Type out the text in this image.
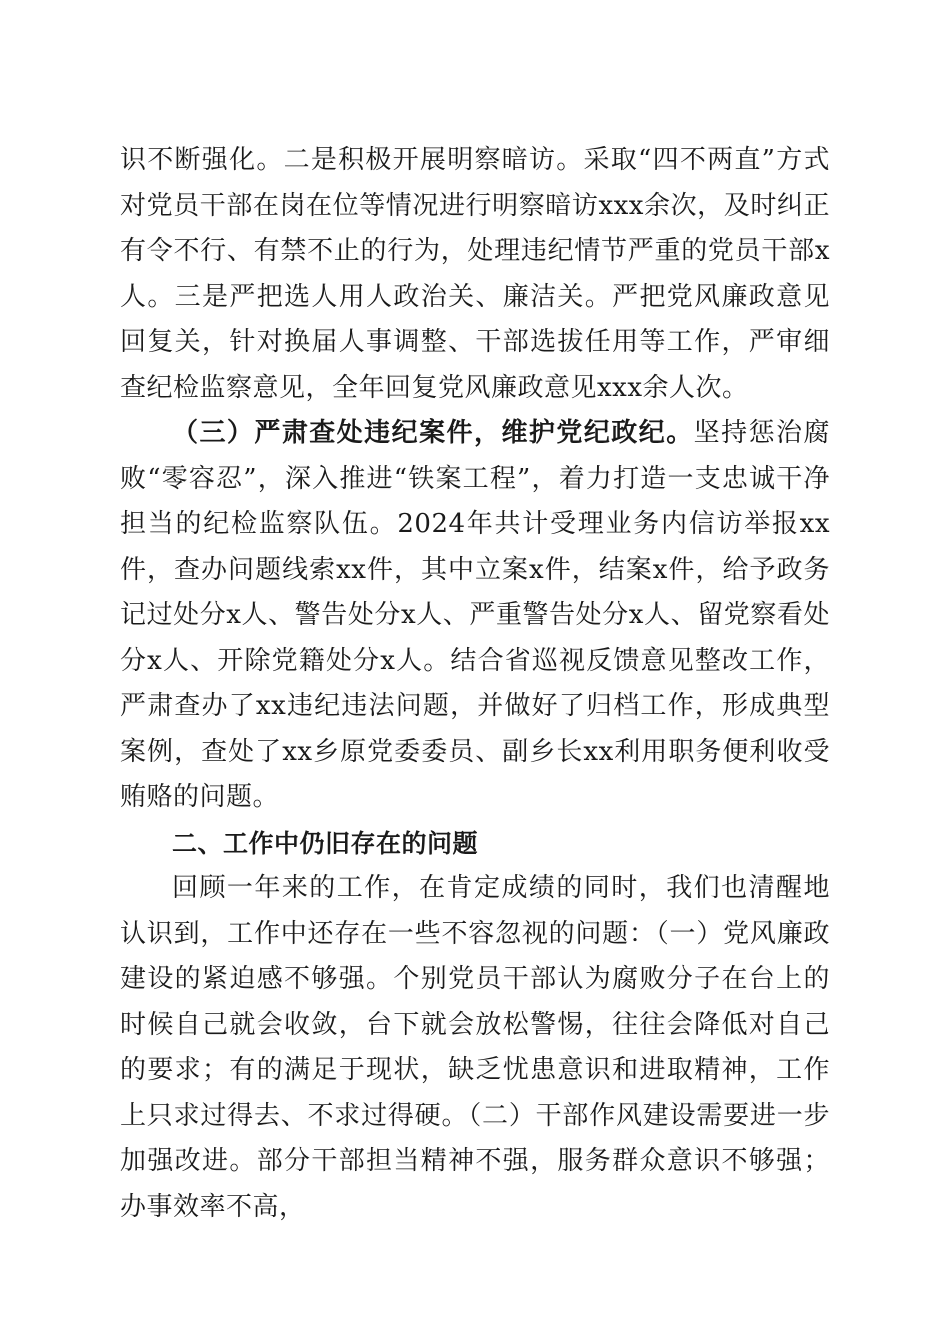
识不断强化。二是积极开展明察暗访。采取“四不两直”方式对党员干部在岗在位等情况进行明察暗访xxx余次，及时纠正有令不行、有禁不止的行为，处理违纪情节严重的党员干部x人。三是严把选人用人政治关、廉洁关。严把党风廉政意见回复关，针对换届人事调整、干部选拔任用等工作，严审细查纪检监察意见，全年回复党风廉政意见xxx余人次。

（三）严肃查处违纪案件，维护党纪政纪。坚持惩治腐败“零容忍”，深入推进“铁案工程”，着力打造一支忠诚干净担当的纪检监察队伍。2024年共计受理业务内信访举报xx件，查办问题线索xx件，其中立案x件，结案x件，给予政务记过处分x人、警告处分x人、严重警告处分x人、留党察看处分x人、开除党籍处分x人。结合省巡视反馈意见整改工作，严肃查办了xx违纪违法问题，并做好了归档工作，形成典型案例，查处了xx乡原党委委员、副乡长xx利用职务便利收受贿赂的问题。

二、工作中仍旧存在的问题

回顾一年来的工作，在肯定成绩的同时，我们也清醒地认识到，工作中还存在一些不容忽视的问题：（一）党风廉政建设的紧迫感不够强。个别党员干部认为腐败分子在台上的时候自己就会收敛，台下就会放松警惕，往往会降低对自己的要求；有的满足于现状，缺乏忧患意识和进取精神，工作上只求过得去、不求过得硬。（二）干部作风建设需要进一步加强改进。部分干部担当精神不强，服务群众意识不够强；办事效率不高，
